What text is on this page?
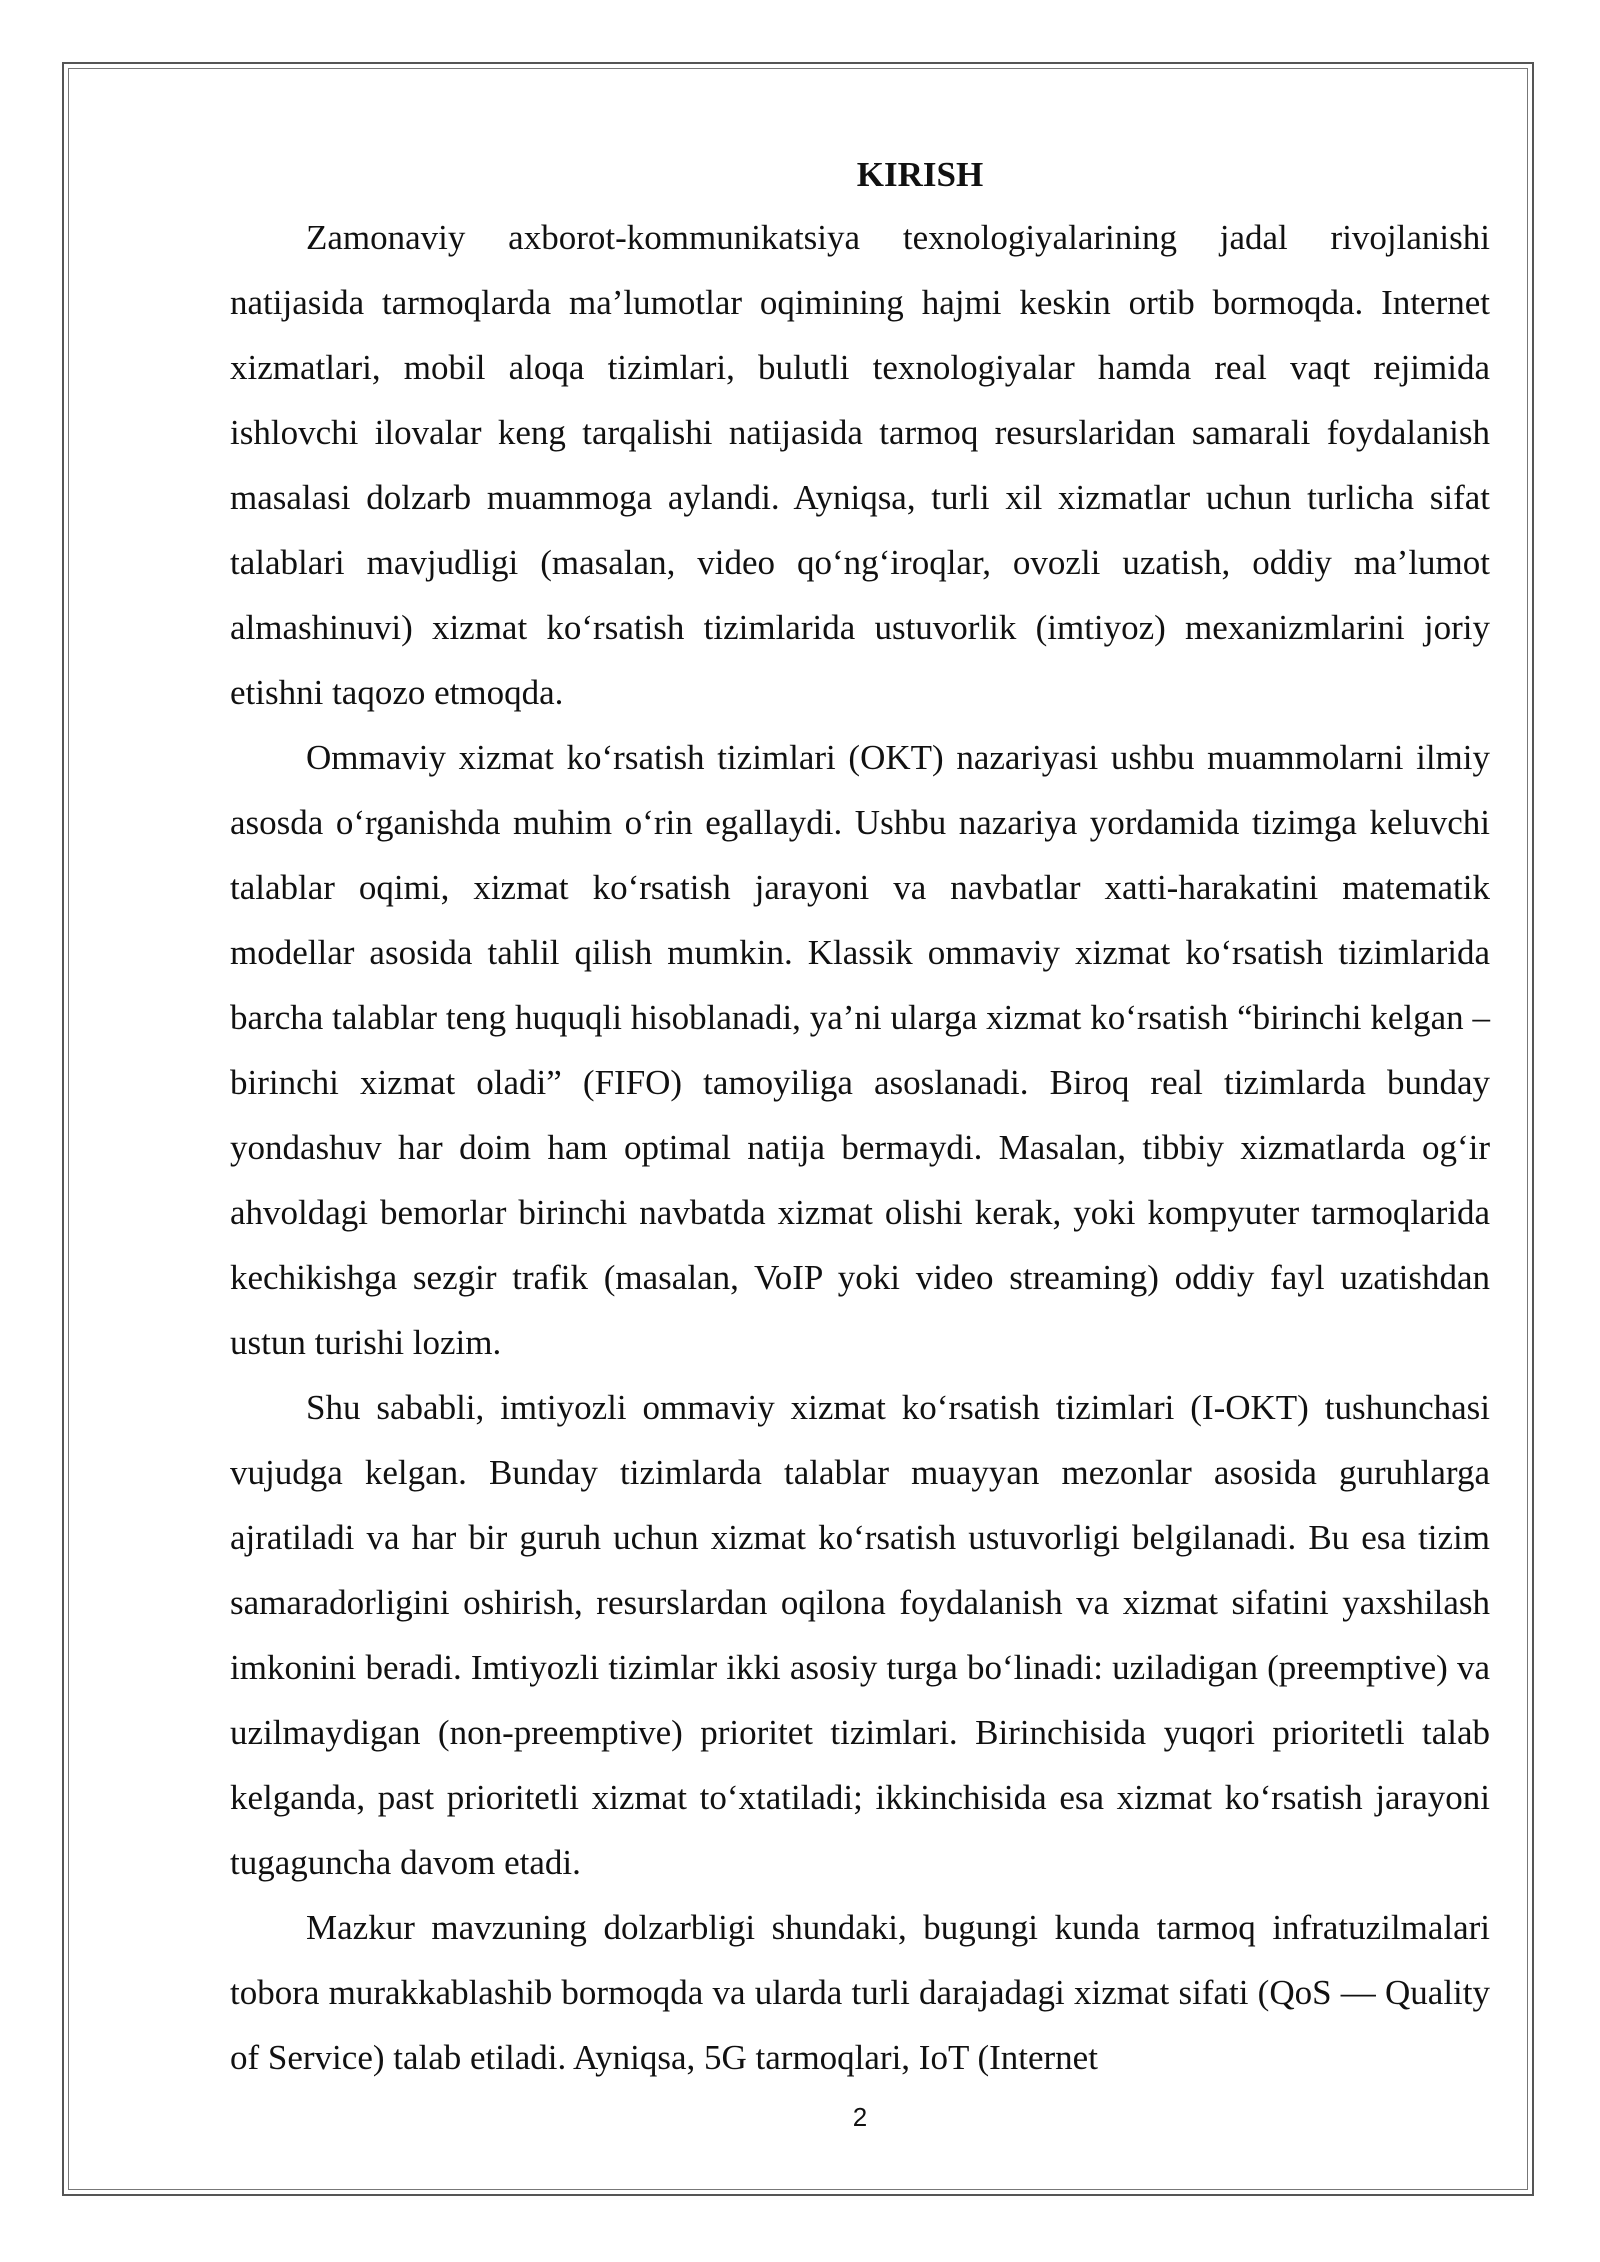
KIRISH

Zamonaviy axborot-kommunikatsiya texnologiyalarining jadal rivojlanishi natijasida tarmoqlarda ma’lumotlar oqimining hajmi keskin ortib bormoqda. Internet xizmatlari, mobil aloqa tizimlari, bulutli texnologiyalar hamda real vaqt rejimida ishlovchi ilovalar keng tarqalishi natijasida tarmoq resurslaridan samarali foydalanish masalasi dolzarb muammoga aylandi. Ayniqsa, turli xil xizmatlar uchun turlicha sifat talablari mavjudligi (masalan, video qo‘ng‘iroqlar, ovozli uzatish, oddiy ma’lumot almashinuvi) xizmat ko‘rsatish tizimlarida ustuvorlik (imtiyoz) mexanizmlarini joriy etishni taqozo etmoqda.

Ommaviy xizmat ko‘rsatish tizimlari (OKT) nazariyasi ushbu muammolarni ilmiy asosda o‘rganishda muhim o‘rin egallaydi. Ushbu nazariya yordamida tizimga keluvchi talablar oqimi, xizmat ko‘rsatish jarayoni va navbatlar xatti-harakatini matematik modellar asosida tahlil qilish mumkin. Klassik ommaviy xizmat ko‘rsatish tizimlarida barcha talablar teng huquqli hisoblanadi, ya’ni ularga xizmat ko‘rsatish “birinchi kelgan – birinchi xizmat oladi” (FIFO) tamoyiliga asoslanadi. Biroq real tizimlarda bunday yondashuv har doim ham optimal natija bermaydi. Masalan, tibbiy xizmatlarda og‘ir ahvoldagi bemorlar birinchi navbatda xizmat olishi kerak, yoki kompyuter tarmoqlarida kechikishga sezgir trafik (masalan, VoIP yoki video streaming) oddiy fayl uzatishdan ustun turishi lozim.

Shu sababli, imtiyozli ommaviy xizmat ko‘rsatish tizimlari (I-OKT) tushunchasi vujudga kelgan. Bunday tizimlarda talablar muayyan mezonlar asosida guruhlarga ajratiladi va har bir guruh uchun xizmat ko‘rsatish ustuvorligi belgilanadi. Bu esa tizim samaradorligini oshirish, resurslardan oqilona foydalanish va xizmat sifatini yaxshilash imkonini beradi. Imtiyozli tizimlar ikki asosiy turga bo‘linadi: uziladigan (preemptive) va uzilmaydigan (non-preemptive) prioritet tizimlari. Birinchisida yuqori prioritetli talab kelganda, past prioritetli xizmat to‘xtatiladi; ikkinchisida esa xizmat ko‘rsatish jarayoni tugaguncha davom etadi.

Mazkur mavzuning dolzarbligi shundaki, bugungi kunda tarmoq infratuzilmalari tobora murakkablashib bormoqda va ularda turli darajadagi xizmat sifati (QoS — Quality of Service) talab etiladi. Ayniqsa, 5G tarmoqlari, IoT (Internet

2
